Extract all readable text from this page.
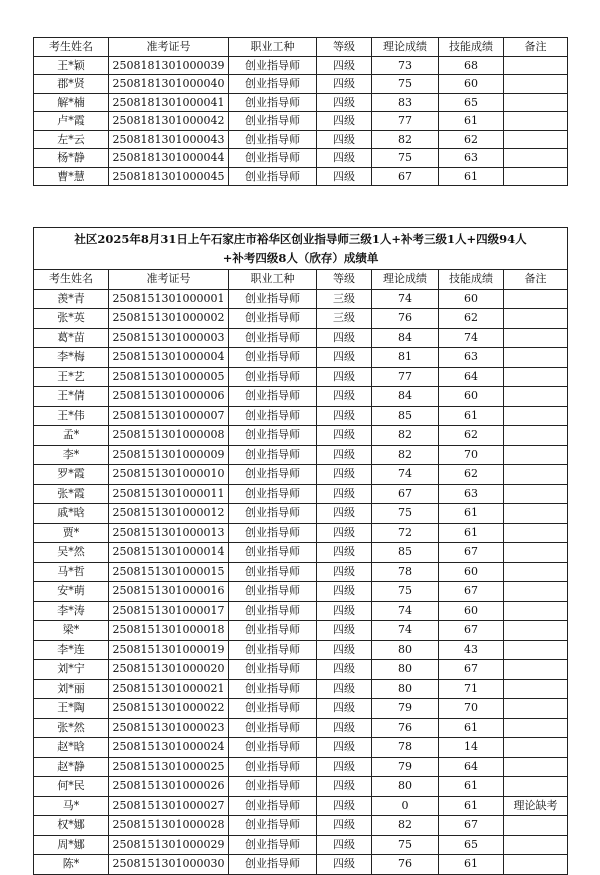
考生姓名	准考证号	职业工种	等级	理论成绩	技能成绩	备注
王*颖	2508181301000039	创业指导师	四级	73	68	
郡*贤	2508181301000040	创业指导师	四级	75	60	
解*楠	2508181301000041	创业指导师	四级	83	65	
卢*霞	2508181301000042	创业指导师	四级	77	61	
左*云	2508181301000043	创业指导师	四级	82	62	
杨*静	2508181301000044	创业指导师	四级	75	63	
曹*慧	2508181301000045	创业指导师	四级	67	61	
社区2025年8月31日上午石家庄市裕华区创业指导师三级1人+补考三级1人+四级94人
+补考四级8人（欣存）成绩单						

考生姓名	准考证号	职业工种	等级	理论成绩	技能成绩	备注
羡*青	2508151301000001	创业指导师	三级	74	60	
张*英	2508151301000002	创业指导师	三级	76	62	
葛*苗	2508151301000003	创业指导师	四级	84	74	
李*梅	2508151301000004	创业指导师	四级	81	63	
王*艺	2508151301000005	创业指导师	四级	77	64	
王*倩	2508151301000006	创业指导师	四级	84	60	
王*伟	2508151301000007	创业指导师	四级	85	61	
孟*	2508151301000008	创业指导师	四级	82	62	
李*	2508151301000009	创业指导师	四级	82	70	
罗*霞	2508151301000010	创业指导师	四级	74	62	
张*霞	2508151301000011	创业指导师	四级	67	63	
戚*晗	2508151301000012	创业指导师	四级	75	61	
贾*	2508151301000013	创业指导师	四级	72	61	
吴*然	2508151301000014	创业指导师	四级	85	67	
马*哲	2508151301000015	创业指导师	四级	78	60	
安*萌	2508151301000016	创业指导师	四级	75	67	
李*涛	2508151301000017	创业指导师	四级	74	60	
梁*	2508151301000018	创业指导师	四级	74	67	
李*连	2508151301000019	创业指导师	四级	80	43	
刘*宁	2508151301000020	创业指导师	四级	80	67	
刘*丽	2508151301000021	创业指导师	四级	80	71	
王*陶	2508151301000022	创业指导师	四级	79	70	
张*然	2508151301000023	创业指导师	四级	76	61	
赵*晗	2508151301000024	创业指导师	四级	78	14	
赵*静	2508151301000025	创业指导师	四级	79	64	
何*民	2508151301000026	创业指导师	四级	80	61	
马*	2508151301000027	创业指导师	四级	0	61	理论缺考
权*娜	2508151301000028	创业指导师	四级	82	67	
周*娜	2508151301000029	创业指导师	四级	75	65	
陈*	2508151301000030	创业指导师	四级	76	61	
